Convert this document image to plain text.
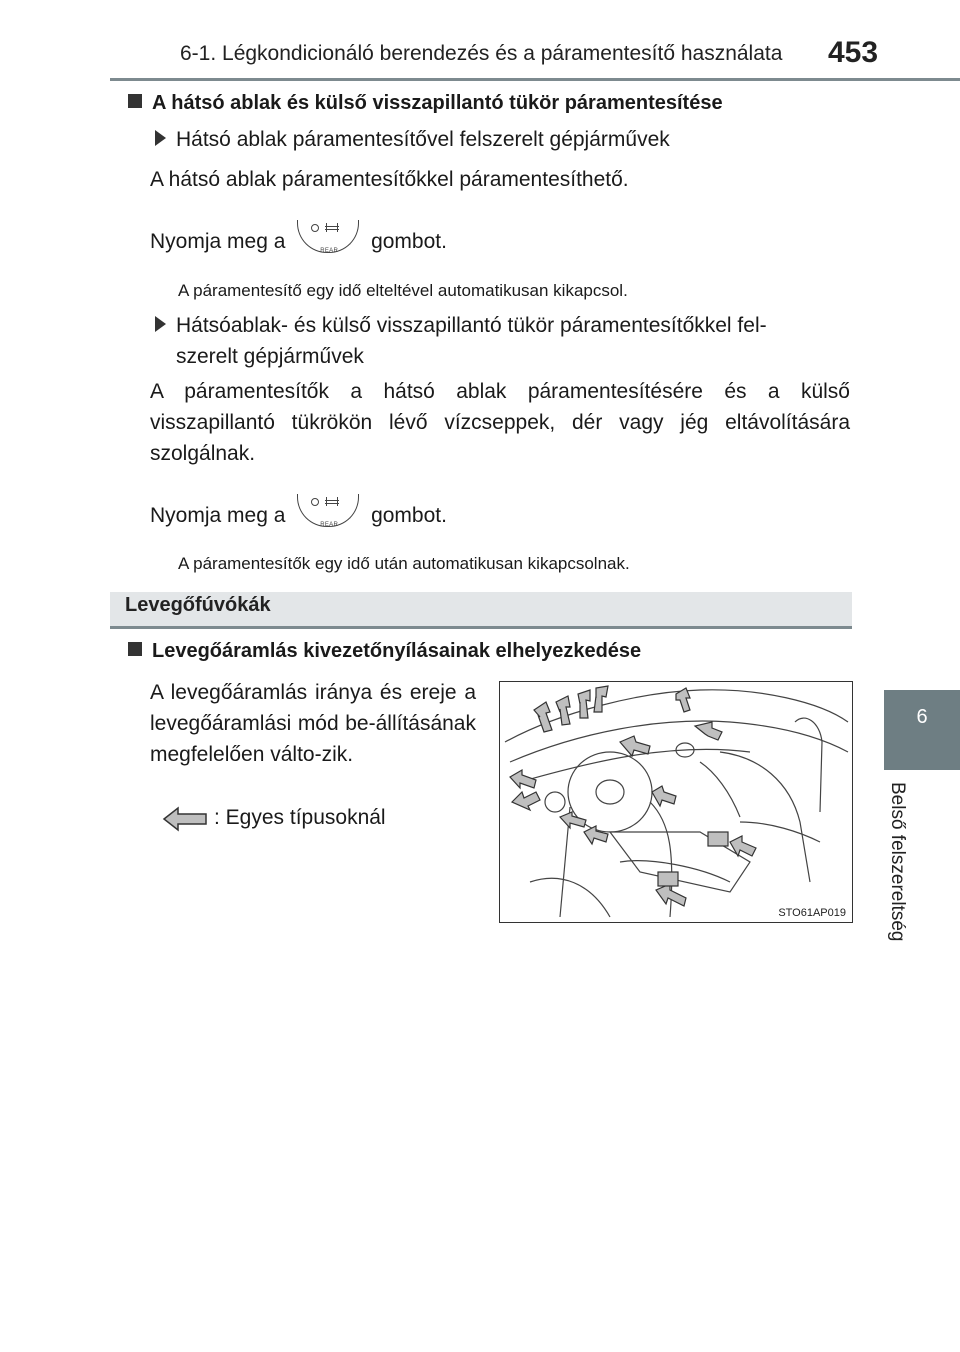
6-1. Légkondicionáló berendezés és a páramentesítő használata 453
6
Belső felszereltség
A hátsó ablak és külső visszapillantó tükör páramentesítése
Hátsó ablak páramentesítővel felszerelt gépjárművek
A hátsó ablak páramentesítőkkel páramentesíthető.
Nyomja meg a	REAR gombot.
A páramentesítő egy idő elteltével automatikusan kikapcsol.
Hátsóablak- és külső visszapillantó tükör páramentesítőkkel fel-
szerelt gépjárművek
A páramentesítők a hátsó ablak páramentesítésére és a külső visszapillantó tükrökön lévő vízcseppek, dér vagy jég eltávolítására szolgálnak.
Nyomja meg a	REAR gombot.
A páramentesítők egy idő után automatikusan kikapcsolnak.
Levegőfúvókák
Levegőáramlás kivezetőnyílásainak elhelyezkedése
A levegőáramlás iránya és ereje a levegőáramlási mód be-állításának megfelelően válto-zik.
: Egyes típusoknál
STO61AP019
